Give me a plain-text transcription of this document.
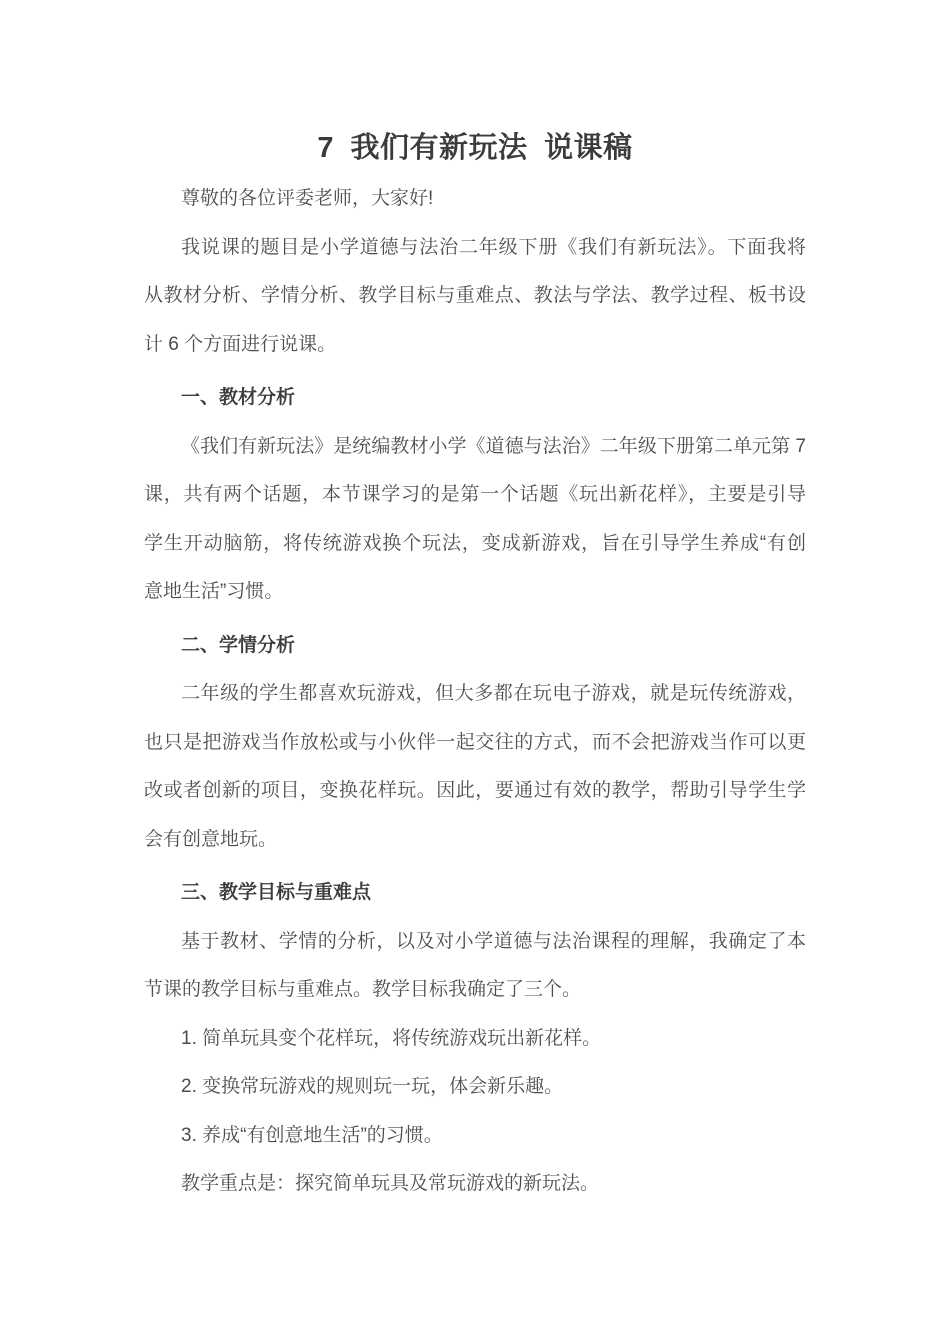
7 我们有新玩法 说课稿
尊敬的各位评委老师，大家好!
我说课的题目是小学道德与法治二年级下册《我们有新玩法》。下面我将
从教材分析、学情分析、教学目标与重难点、教法与学法、教学过程、板书设
计 6 个方面进行说课。
一、教材分析
《我们有新玩法》是统编教材小学《道德与法治》二年级下册第二单元第 7
课，共有两个话题，本节课学习的是第一个话题《玩出新花样》，主要是引导
学生开动脑筋，将传统游戏换个玩法，变成新游戏，旨在引导学生养成“有创
意地生活”习惯。
二、学情分析
二年级的学生都喜欢玩游戏，但大多都在玩电子游戏，就是玩传统游戏，
也只是把游戏当作放松或与小伙伴一起交往的方式，而不会把游戏当作可以更
改或者创新的项目，变换花样玩。因此，要通过有效的教学，帮助引导学生学
会有创意地玩。
三、教学目标与重难点
基于教材、学情的分析，以及对小学道德与法治课程的理解，我确定了本
节课的教学目标与重难点。教学目标我确定了三个。
1. 简单玩具变个花样玩，将传统游戏玩出新花样。
2. 变换常玩游戏的规则玩一玩，体会新乐趣。
3. 养成“有创意地生活”的习惯。
教学重点是：探究简单玩具及常玩游戏的新玩法。
